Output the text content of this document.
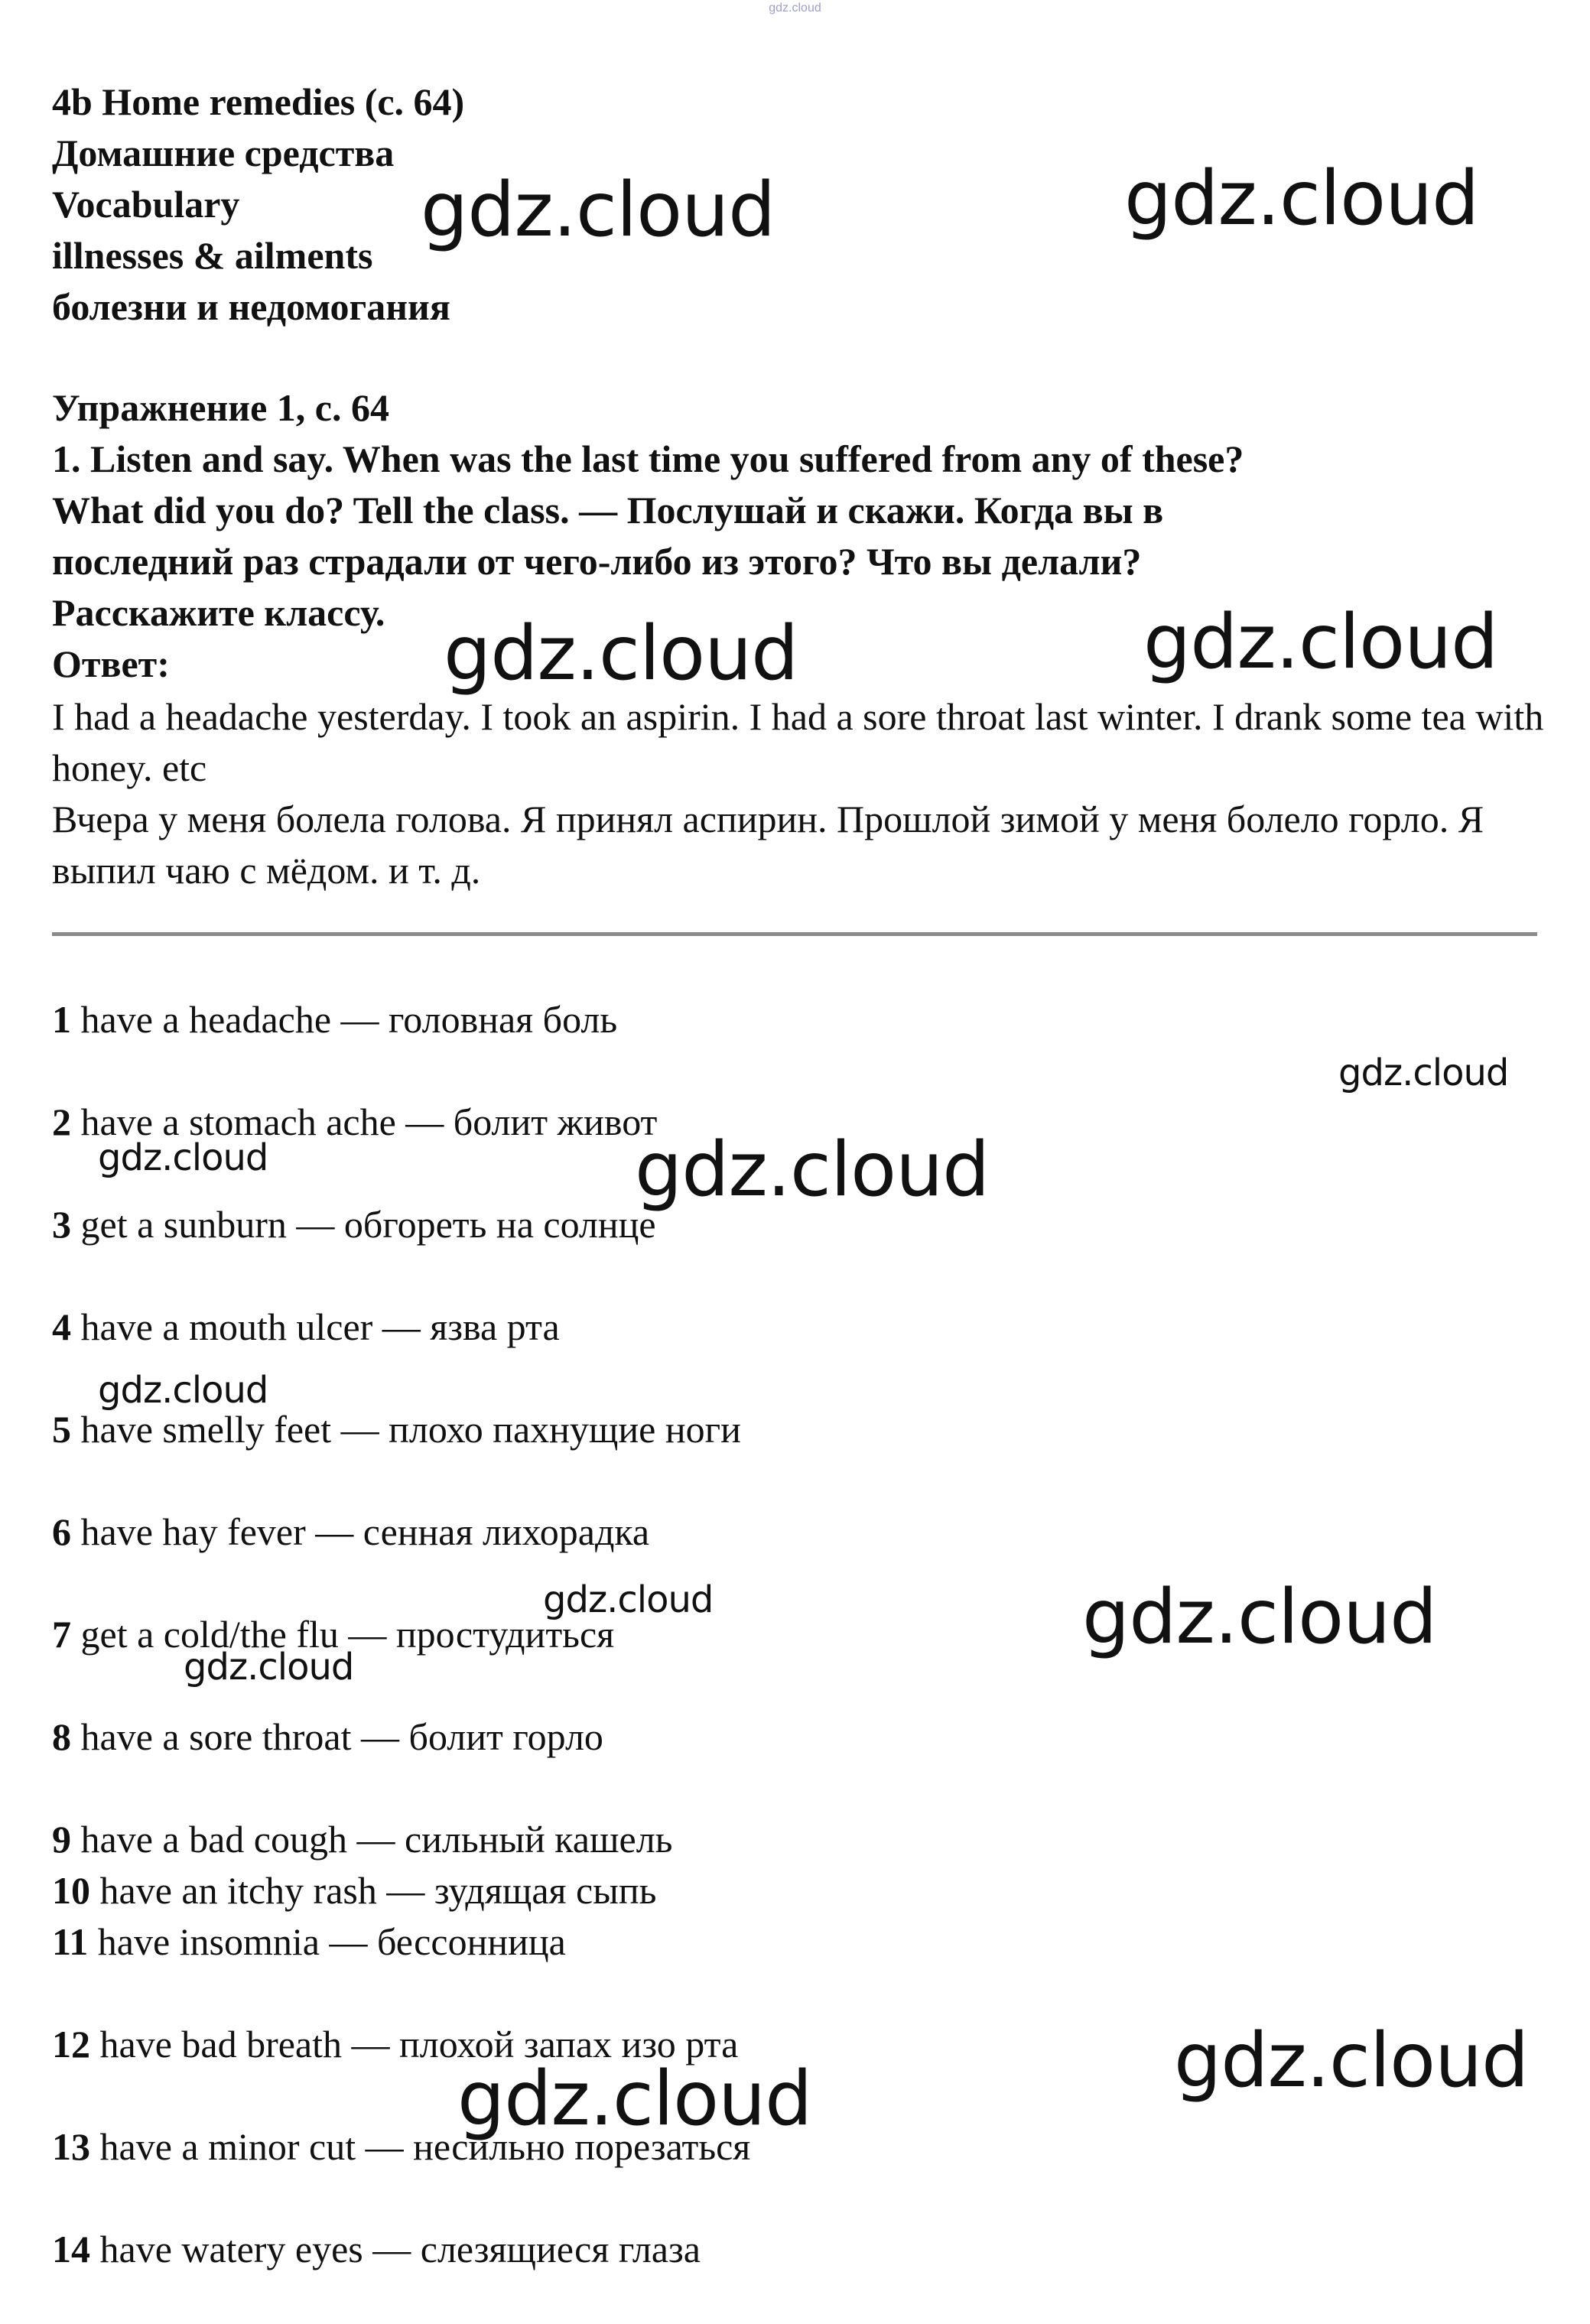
gdz.cloud
4b Home remedies (с. 64)
Домашние средства
Vocabulary
illnesses & ailments
болезни и недомогания
Упражнение 1, с. 64
1. Listen and say. When was the last time you suffered from any of these?
What did you do? Tell the class. — Послушай и скажи. Когда вы в
последний раз страдали от чего-либо из этого? Что вы делали?
Расскажите классу.
Ответ:

I had a headache yesterday. I took an aspirin. I had a sore throat last winter. I drank some tea with honey. etc

Вчера у меня болела голова. Я принял аспирин. Прошлой зимой у меня болело горло. Я выпил чаю с мёдом. и т. д.

1 have a headache — головная боль
2 have a stomach ache — болит живот
3 get a sunburn — обгореть на солнце
4 have a mouth ulcer — язва рта
5 have smelly feet — плохо пахнущие ноги
6 have hay fever — сенная лихорадка
7 get a cold/the flu — простудиться
8 have a sore throat — болит горло
9 have a bad cough — сильный кашель
10 have an itchy rash — зудящая сыпь
11 have insomnia — бессонница
12 have bad breath — плохой запах изо рта
13 have a minor cut — несильно порезаться
14 have watery eyes — слезящиеся глаза
gdz.cloud	gdz.cloud
gdz.cloud	gdz.cloud
gdz.cloud
gdz.cloud	gdz.cloud
gdz.cloud
gdz.cloud
gdz.cloud
gdz.cloud
gdz.cloud
gdz.cloud
